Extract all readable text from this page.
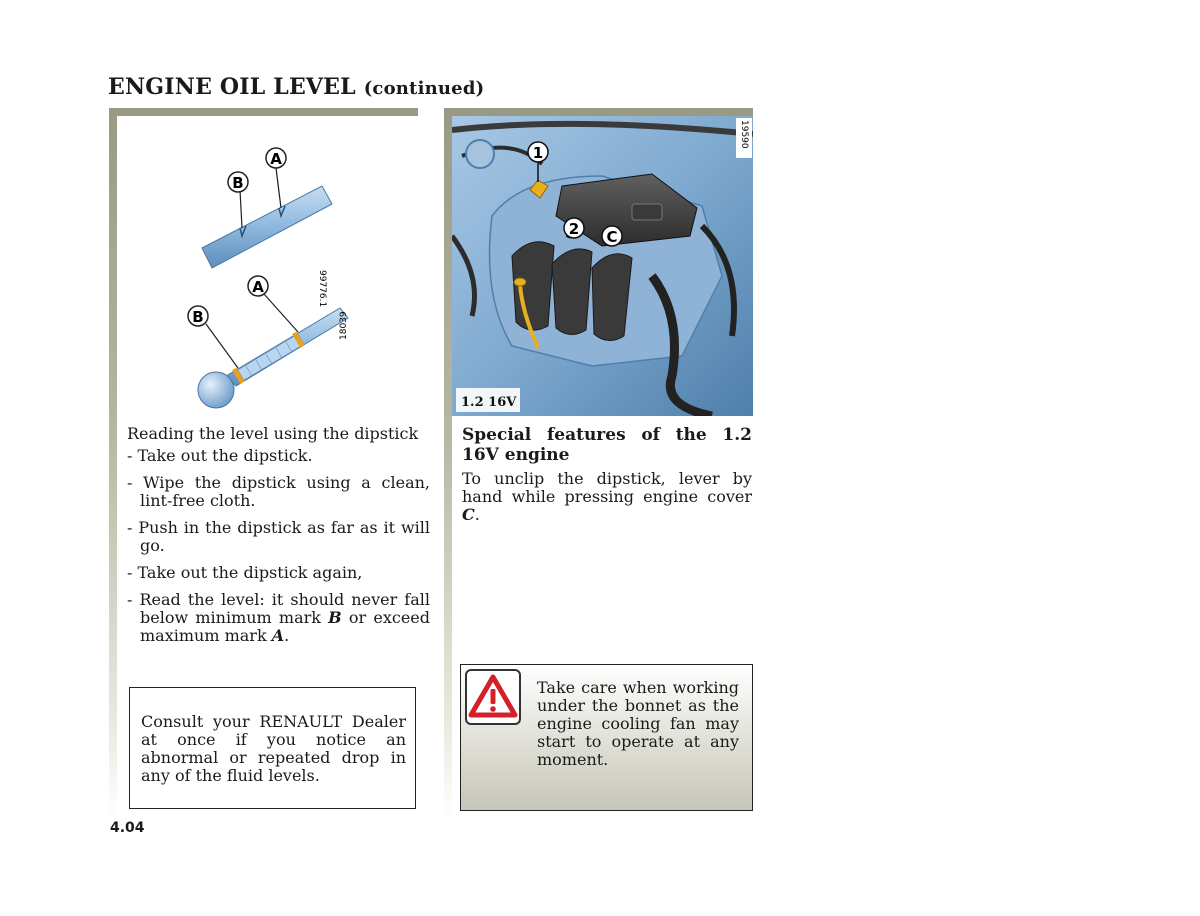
ENGINE OIL LEVEL (continued)
B
A
99776.1
B
A
18039
1
2 C
19590
1.2 16V
Reading the level using the dipstick
- Take out the dipstick.
- Wipe the dipstick using a clean, lint-free cloth.
- Push in the dipstick as far as it will go.
- Take out the dipstick again,
- Read the level: it should never fall below minimum mark B or exceed maximum mark A.
Consult your RENAULT Dealer at once if you notice an abnormal or repeated drop in any of the fluid levels.
Special features of the 1.2 16V engine
To unclip the dipstick, lever by hand while pressing engine cover C.
Take care when working under the bonnet as the engine cooling fan may start to operate at any moment.
4.04
